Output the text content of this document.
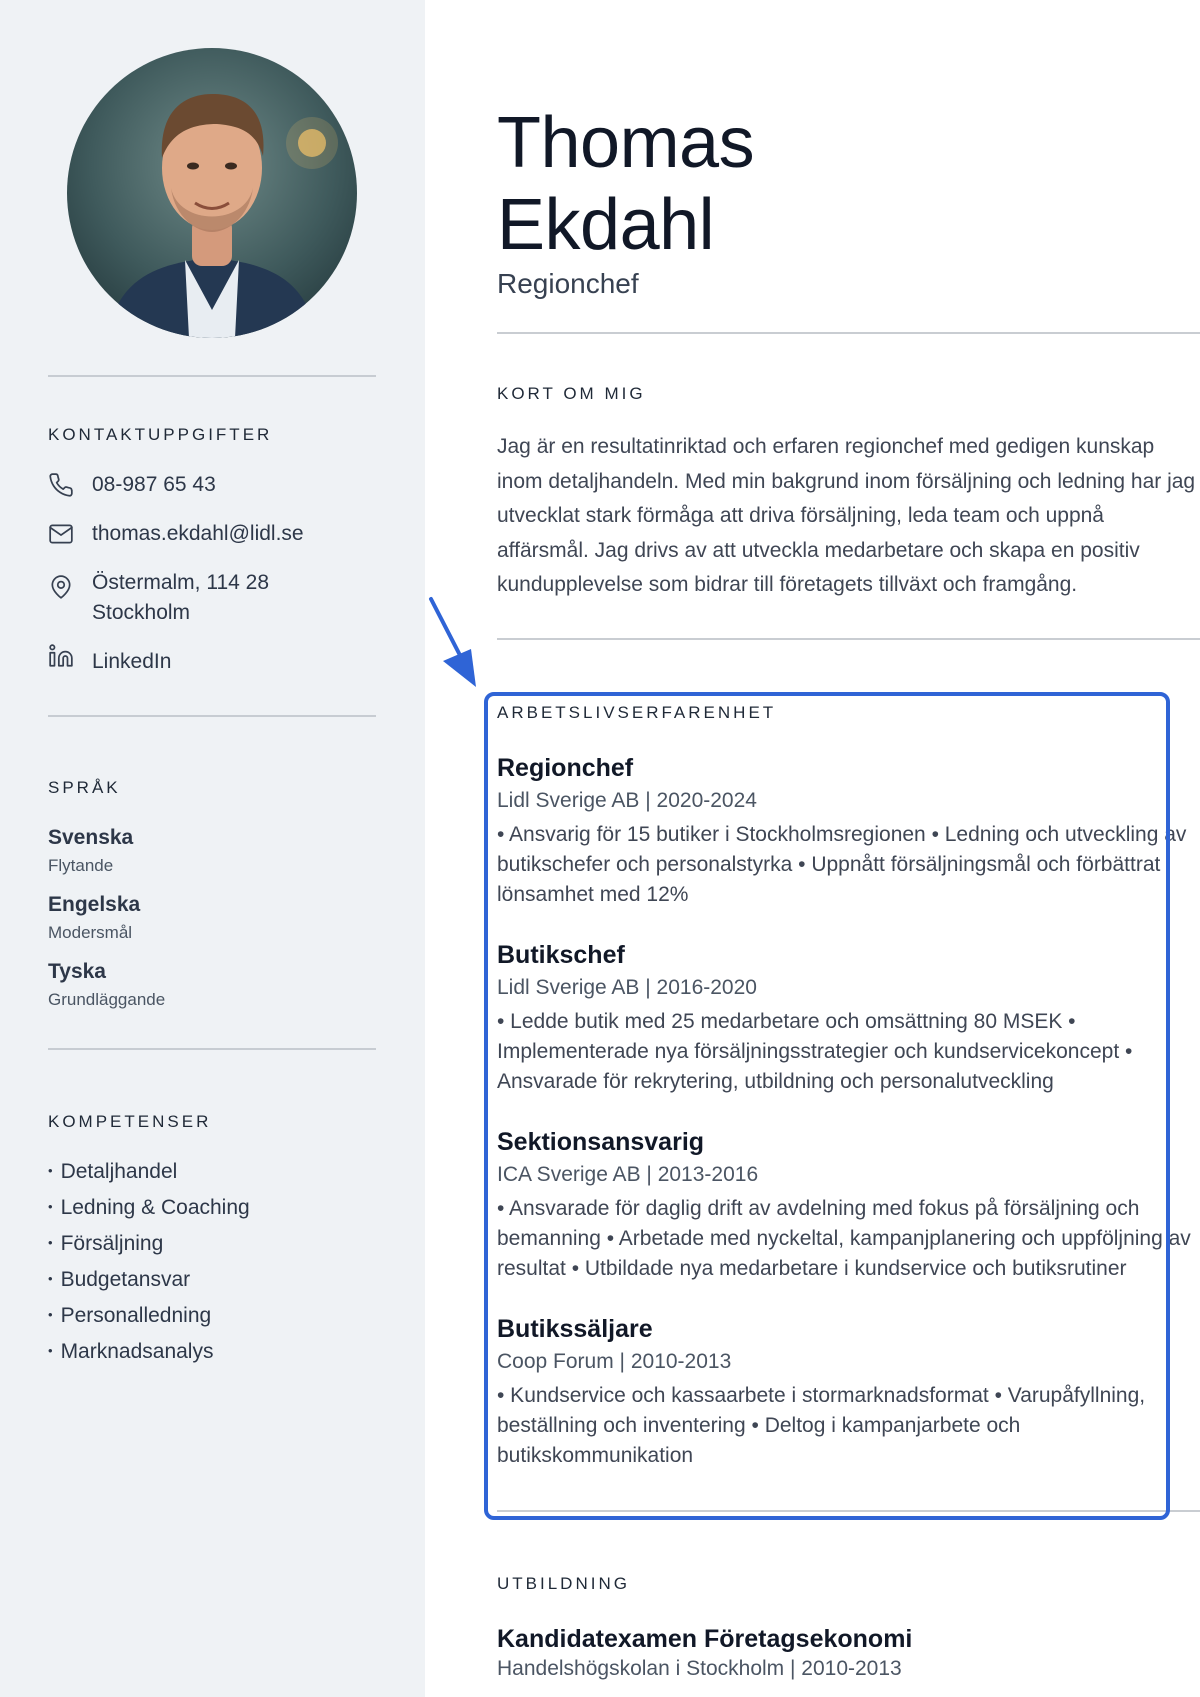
KONTAKTUPPGIFTER
08-987 65 43
thomas.ekdahl@lidl.se
Östermalm, 114 28
Stockholm
LinkedIn
SPRÅK
Svenska
Flytande
Engelska
Modersmål
Tyska
Grundläggande
KOMPETENSER
• Detaljhandel
• Ledning & Coaching
• Försäljning
• Budgetansvar
• Personalledning
• Marknadsanalys
Thomas
Ekdahl
Regionchef
KORT OM MIG
Jag är en resultatinriktad och erfaren regionchef med gedigen kunskap inom detaljhandeln. Med min bakgrund inom försäljning och ledning har jag utvecklat stark förmåga att driva försäljning, leda team och uppnå affärsmål. Jag drivs av att utveckla medarbetare och skapa en positiv kundupplevelse som bidrar till företagets tillväxt och framgång.
ARBETSLIVSERFARENHET
Regionchef
Lidl Sverige AB | 2020-2024
• Ansvarig för 15 butiker i Stockholmsregionen • Ledning och utveckling av butikschefer och personalstyrka • Uppnått försäljningsmål och förbättrat lönsamhet med 12%
Butikschef
Lidl Sverige AB | 2016-2020
• Ledde butik med 25 medarbetare och omsättning 80 MSEK • Implementerade nya försäljningsstrategier och kundservicekoncept • Ansvarade för rekrytering, utbildning och personalutveckling
Sektionsansvarig
ICA Sverige AB | 2013-2016
• Ansvarade för daglig drift av avdelning med fokus på försäljning och bemanning • Arbetade med nyckeltal, kampanjplanering och uppföljning av resultat • Utbildade nya medarbetare i kundservice och butiksrutiner
Butikssäljare
Coop Forum | 2010-2013
• Kundservice och kassaarbete i stormarknadsformat • Varupåfyllning, beställning och inventering • Deltog i kampanjarbete och butikskommunikation
UTBILDNING
Kandidatexamen Företagsekonomi
Handelshögskolan i Stockholm | 2010-2013
